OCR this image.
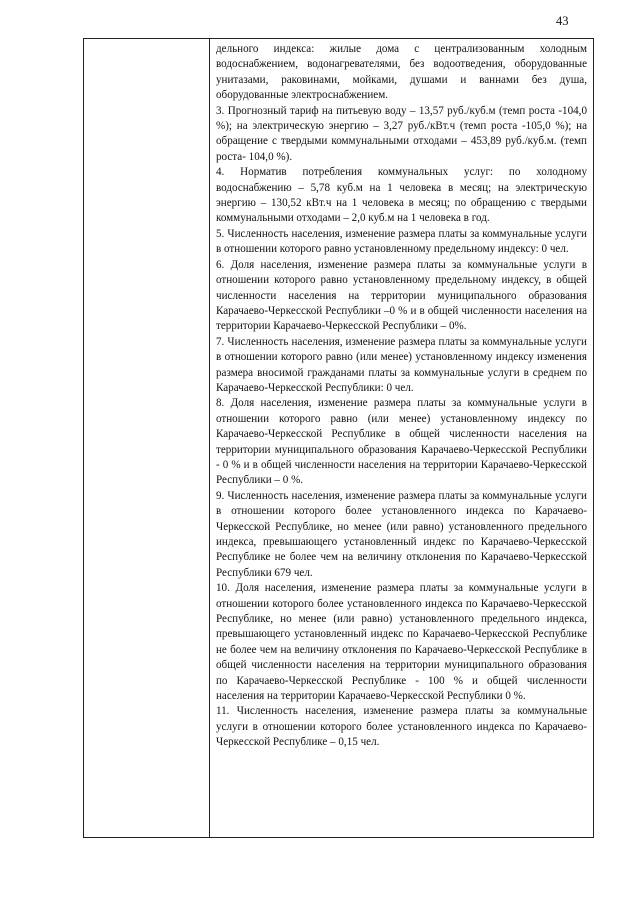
43

дельного индекса: жилые дома с централизованным холодным водоснабжением, водонагревателями, без водоотведения, оборудованные унитазами, раковинами, мойками, душами и ваннами без душа, оборудованные электроснабжением.

3. Прогнозный тариф на питьевую воду – 13,57 руб./куб.м (темп роста -104,0 %); на электрическую энергию – 3,27 руб./кВт.ч (темп роста -105,0 %); на обращение с твердыми коммунальными отходами – 453,89 руб./куб.м. (темп роста- 104,0 %).

4. Норматив потребления коммунальных услуг: по холодному водоснабжению – 5,78 куб.м на 1 человека в месяц; на электрическую энергию – 130,52 кВт.ч на 1 человека в месяц; по обращению с твердыми коммунальными отходами – 2,0 куб.м на 1 человека в год.

5. Численность населения, изменение размера платы за коммунальные услуги в отношении которого равно установленному предельному индексу: 0 чел.

6. Доля населения, изменение размера платы за коммунальные услуги в отношении которого равно установленному предельному индексу, в общей численности населения на территории муниципального образования Карачаево-Черкесской Республики –0 % и в общей численности населения на территории Карачаево-Черкесской Республики – 0%.

7. Численность населения, изменение размера платы за коммунальные услуги в отношении которого равно (или менее) установленному индексу изменения размера вносимой гражданами платы за коммунальные услуги в среднем по Карачаево-Черкесской Республики: 0 чел.

8. Доля населения, изменение размера платы за коммунальные услуги в отношении которого равно (или менее) установленному индексу по Карачаево-Черкесской Республике в общей численности населения на территории муниципального образования Карачаево-Черкесской Республики - 0 % и в общей численности населения на территории Карачаево-Черкесской Республики – 0 %.

9. Численность населения, изменение размера платы за коммунальные услуги в отношении которого более установленного индекса по Карачаево-Черкесской Республике, но менее (или равно) установленного предельного индекса, превышающего установленный индекс по Карачаево-Черкесской Республике не более чем на величину отклонения по Карачаево-Черкесской Республики 679 чел.

10. Доля населения, изменение размера платы за коммунальные услуги в отношении которого более установленного индекса по Карачаево-Черкесской Республике, но менее (или равно) установленного предельного индекса, превышающего установленный индекс по Карачаево-Черкесской Республике не более чем на величину отклонения по Карачаево-Черкесской Республике в общей численности населения на территории муниципального образования по Карачаево-Черкесской Республике - 100 % и общей численности населения на территории Карачаево-Черкесской Республики 0 %.

11. Численность населения, изменение размера платы за коммунальные услуги в отношении которого более установленного индекса по Карачаево-Черкесской Республике – 0,15 чел.
